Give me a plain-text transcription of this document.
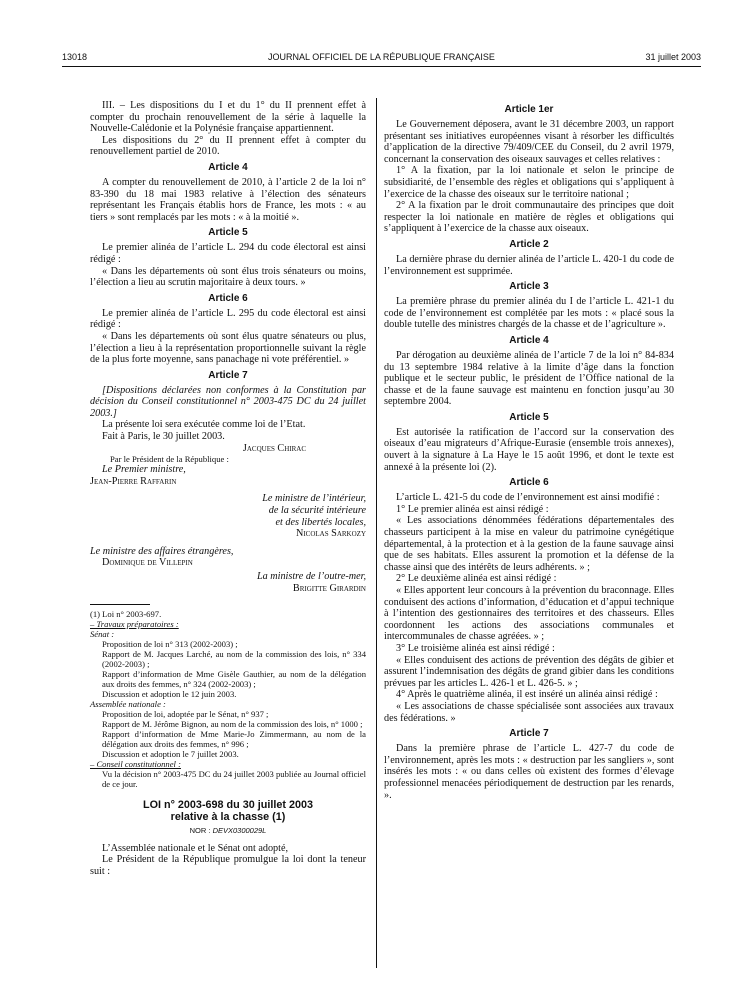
13018	JOURNAL OFFICIEL DE LA RÉPUBLIQUE FRANÇAISE	31 juillet 2003

III. – Les dispositions du I et du 1° du II prennent effet à compter du prochain renouvellement de la série à laquelle la Nouvelle-Calédonie et la Polynésie française appartiennent.

Les dispositions du 2° du II prennent effet à compter du renouvellement partiel de 2010.

Article 4

A compter du renouvellement de 2010, à l’article 2 de la loi n° 83-390 du 18 mai 1983 relative à l’élection des sénateurs représentant les Français établis hors de France, les mots : « au tiers » sont remplacés par les mots : « à la moitié ».

Article 5

Le premier alinéa de l’article L. 294 du code électoral est ainsi rédigé :

« Dans les départements où sont élus trois sénateurs ou moins, l’élection a lieu au scrutin majoritaire à deux tours. »

Article 6

Le premier alinéa de l’article L. 295 du code électoral est ainsi rédigé :

« Dans les départements où sont élus quatre sénateurs ou plus, l’élection a lieu à la représentation proportionnelle suivant la règle de la plus forte moyenne, sans panachage ni vote préférentiel. »

Article 7

[Dispositions déclarées non conformes à la Constitution par décision du Conseil constitutionnel n° 2003-475 DC du 24 juillet 2003.]

La présente loi sera exécutée comme loi de l’Etat.

Fait à Paris, le 30 juillet 2003.

Jacques Chirac

Par le Président de la République :

Le Premier ministre,

Jean-Pierre Raffarin

Le ministre de l’intérieur,
de la sécurité intérieure
et des libertés locales,
Nicolas Sarkozy

Le ministre des affaires étrangères,

Dominique de Villepin

La ministre de l’outre-mer,
Brigitte Girardin

(1) Loi n° 2003-697.

– Travaux préparatoires :

Sénat :

Proposition de loi n° 313 (2002-2003) ;

Rapport de M. Jacques Larché, au nom de la commission des lois, n° 334 (2002-2003) ;

Rapport d’information de Mme Gisèle Gauthier, au nom de la délégation aux droits des femmes, n° 324 (2002-2003) ;

Discussion et adoption le 12 juin 2003.

Assemblée nationale :

Proposition de loi, adoptée par le Sénat, n° 937 ;

Rapport de M. Jérôme Bignon, au nom de la commission des lois, n° 1000 ;

Rapport d’information de Mme Marie-Jo Zimmermann, au nom de la délégation aux droits des femmes, n° 996 ;

Discussion et adoption le 7 juillet 2003.

– Conseil constitutionnel :

Vu la décision n° 2003-475 DC du 24 juillet 2003 publiée au Journal officiel de ce jour.

LOI n° 2003-698 du 30 juillet 2003
relative à la chasse (1)
NOR : DEVX0300029L

L’Assemblée nationale et le Sénat ont adopté,

Le Président de la République promulgue la loi dont la teneur suit :

Article 1er

Le Gouvernement déposera, avant le 31 décembre 2003, un rapport présentant ses initiatives européennes visant à résorber les difficultés d’application de la directive 79/409/CEE du Conseil, du 2 avril 1979, concernant la conservation des oiseaux sauvages et celles relatives :

1° A la fixation, par la loi nationale et selon le principe de subsidiarité, de l’ensemble des règles et obligations qui s’appliquent à l’exercice de la chasse des oiseaux sur le territoire national ;

2° A la fixation par le droit communautaire des principes que doit respecter la loi nationale en matière de règles et obligations qui s’appliquent à l’exercice de la chasse aux oiseaux.

Article 2

La dernière phrase du dernier alinéa de l’article L. 420-1 du code de l’environnement est supprimée.

Article 3

La première phrase du premier alinéa du I de l’article L. 421-1 du code de l’environnement est complétée par les mots : « placé sous la double tutelle des ministres chargés de la chasse et de l’agriculture ».

Article 4

Par dérogation au deuxième alinéa de l’article 7 de la loi n° 84-834 du 13 septembre 1984 relative à la limite d’âge dans la fonction publique et le secteur public, le président de l’Office national de la chasse et de la faune sauvage est maintenu en fonction jusqu’au 30 septembre 2004.

Article 5

Est autorisée la ratification de l’accord sur la conservation des oiseaux d’eau migrateurs d’Afrique-Eurasie (ensemble trois annexes), ouvert à la signature à La Haye le 15 août 1996, et dont le texte est annexé à la présente loi (2).

Article 6

L’article L. 421-5 du code de l’environnement est ainsi modifié :

1° Le premier alinéa est ainsi rédigé :

« Les associations dénommées fédérations départementales des chasseurs participent à la mise en valeur du patrimoine cynégétique départemental, à la protection et à la gestion de la faune sauvage ainsi que de ses habitats. Elles assurent la promotion et la défense de la chasse ainsi que des intérêts de leurs adhérents. » ;

2° Le deuxième alinéa est ainsi rédigé :

« Elles apportent leur concours à la prévention du braconnage. Elles conduisent des actions d’information, d’éducation et d’appui technique à l’intention des gestionnaires des territoires et des chasseurs. Elles coordonnent les actions des associations communales et intercommunales de chasse agréées. » ;

3° Le troisième alinéa est ainsi rédigé :

« Elles conduisent des actions de prévention des dégâts de gibier et assurent l’indemnisation des dégâts de grand gibier dans les conditions prévues par les articles L. 426-1 et L. 426-5. » ;

4° Après le quatrième alinéa, il est inséré un alinéa ainsi rédigé :

« Les associations de chasse spécialisée sont associées aux travaux des fédérations. »

Article 7

Dans la première phrase de l’article L. 427-7 du code de l’environnement, après les mots : « destruction par les sangliers », sont insérés les mots : « ou dans celles où existent des formes d’élevage professionnel menacées périodiquement de destruction par les renards, ».
